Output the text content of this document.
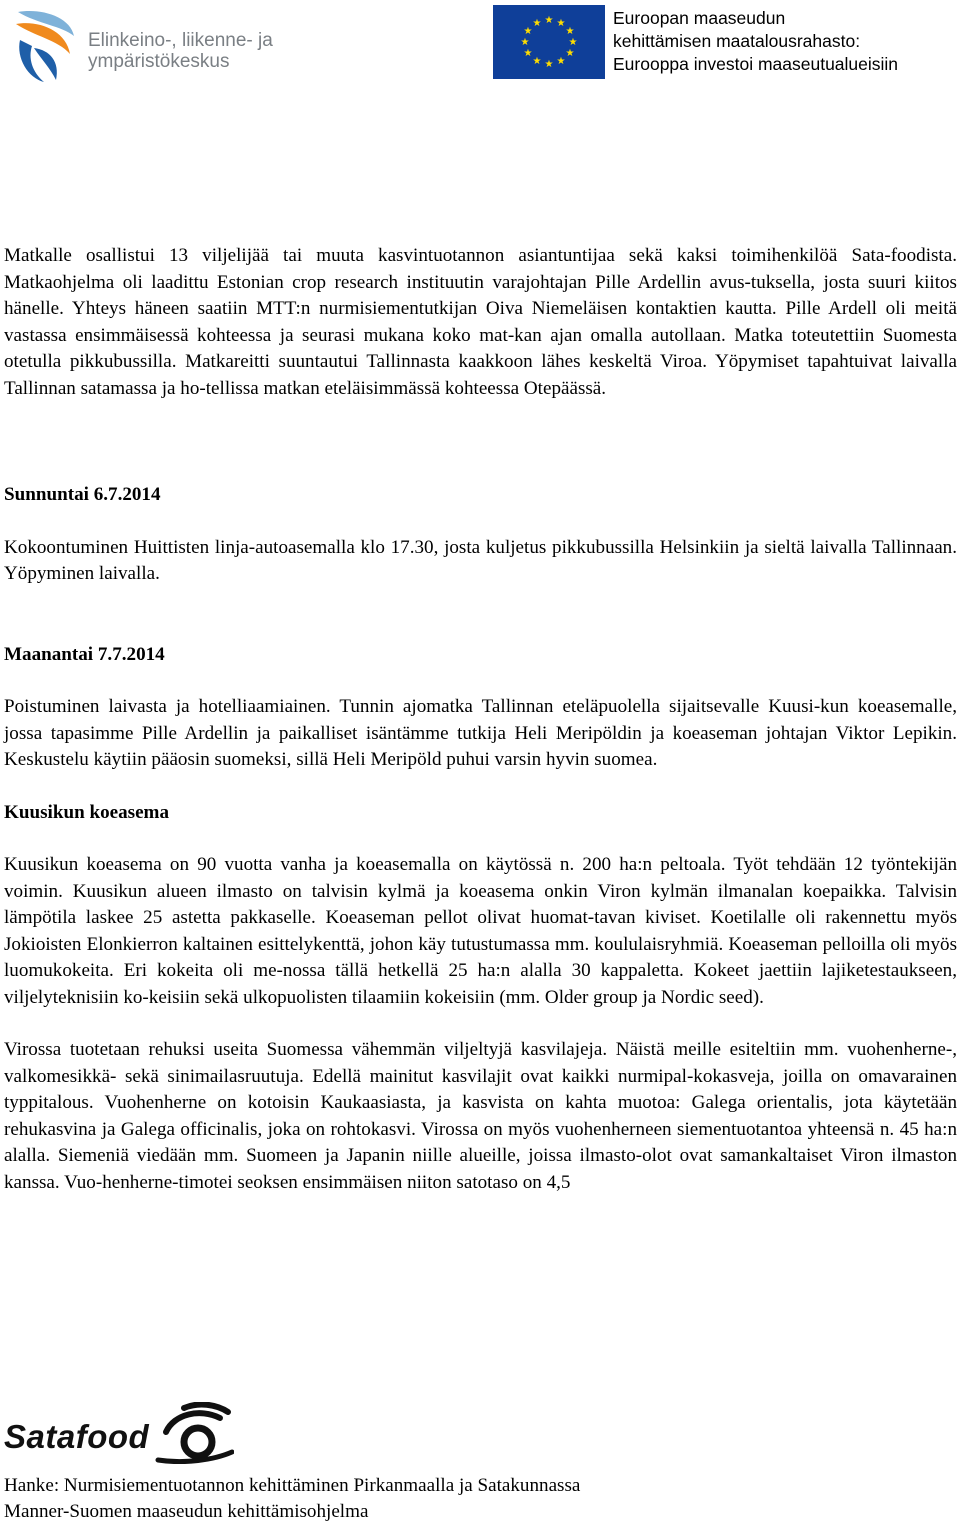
Elinkeino-, liikenne- ja
ympäristökeskus
★ ★
★
★
★
★
★
★
★
★
★
★	Euroopan maaseudun
kehittämisen maatalousrahasto:
Eurooppa investoi maaseutualueisiin

Matkalle osallistui 13 viljelijää tai muuta kasvintuotannon asiantuntijaa sekä kaksi toimihenkilöä Sata-foodista. Matkaohjelma oli laadittu Estonian crop research instituutin varajohtajan Pille Ardellin avus-tuksella, josta suuri kiitos hänelle. Yhteys häneen saatiin MTT:n nurmisiementutkijan Oiva Niemeläisen kontaktien kautta. Pille Ardell oli meitä vastassa ensimmäisessä kohteessa ja seurasi mukana koko mat-kan ajan omalla autollaan. Matka toteutettiin Suomesta otetulla pikkubussilla. Matkareitti suuntautui Tallinnasta kaakkoon lähes keskeltä Viroa. Yöpymiset tapahtuivat laivalla Tallinnan satamassa ja ho-tellissa matkan eteläisimmässä kohteessa Otepäässä.

Sunnuntai 6.7.2014

Kokoontuminen Huittisten linja-autoasemalla klo 17.30, josta kuljetus pikkubussilla Helsinkiin ja sieltä laivalla Tallinnaan. Yöpyminen laivalla.

Maanantai 7.7.2014

Poistuminen laivasta ja hotelliaamiainen. Tunnin ajomatka Tallinnan eteläpuolella sijaitsevalle Kuusi-kun koeasemalle, jossa tapasimme Pille Ardellin ja paikalliset isäntämme tutkija Heli Meripöldin ja koeaseman johtajan Viktor Lepikin. Keskustelu käytiin pääosin suomeksi, sillä Heli Meripöld puhui varsin hyvin suomea.

Kuusikun koeasema

Kuusikun koeasema on 90 vuotta vanha ja koeasemalla on käytössä n. 200 ha:n peltoala. Työt tehdään 12 työntekijän voimin. Kuusikun alueen ilmasto on talvisin kylmä ja koeasema onkin Viron kylmän ilmanalan koepaikka. Talvisin lämpötila laskee 25 astetta pakkaselle. Koeaseman pellot olivat huomat-tavan kiviset. Koetilalle oli rakennettu myös Jokioisten Elonkierron kaltainen esittelykenttä, johon käy tutustumassa mm. koululaisryhmiä. Koeaseman pelloilla oli myös luomukokeita. Eri kokeita oli me-nossa tällä hetkellä 25 ha:n alalla 30 kappaletta. Kokeet jaettiin lajiketestaukseen, viljelyteknisiin ko-keisiin sekä ulkopuolisten tilaamiin kokeisiin (mm. Older group ja Nordic seed).

Virossa tuotetaan rehuksi useita Suomessa vähemmän viljeltyjä kasvilajeja. Näistä meille esiteltiin mm. vuohenherne-, valkomesikkä- sekä sinimailasruutuja. Edellä mainitut kasvilajit ovat kaikki nurmipal-kokasveja, joilla on omavarainen typpitalous. Vuohenherne on kotoisin Kaukaasiasta, ja kasvista on kahta muotoa: Galega orientalis, jota käytetään rehukasvina ja Galega officinalis, joka on rohtokasvi. Virossa on myös vuohenherneen siementuotantoa yhteensä n. 45 ha:n alalla. Siemeniä viedään mm. Suomeen ja Japanin niille alueille, joissa ilmasto-olot ovat samankaltaiset Viron ilmaston kanssa. Vuo-henherne-timotei seoksen ensimmäisen niiton satotaso on 4,5

Satafood
Hanke: Nurmisiementuotannon kehittäminen Pirkanmaalla ja Satakunnassa
Manner-Suomen maaseudun kehittämisohjelma
